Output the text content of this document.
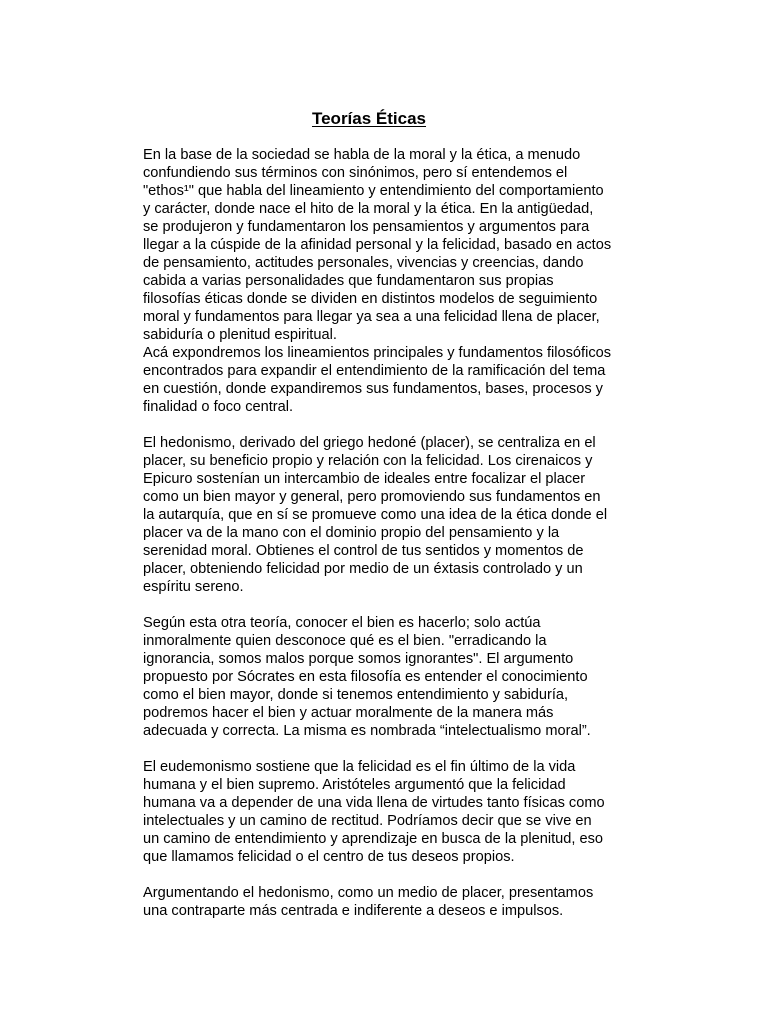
Teorías Éticas

En la base de la sociedad se habla de la moral y la ética, a menudo
confundiendo sus términos con sinónimos, pero sí entendemos el
"ethos¹" que habla del lineamiento y entendimiento del comportamiento
y carácter, donde nace el hito de la moral y la ética. En la antigüedad,
se produjeron y fundamentaron los pensamientos y argumentos para
llegar a la cúspide de la afinidad personal y la felicidad, basado en actos
de pensamiento, actitudes personales, vivencias y creencias, dando
cabida a varias personalidades que fundamentaron sus propias
filosofías éticas donde se dividen en distintos modelos de seguimiento
moral y fundamentos para llegar ya sea a una felicidad llena de placer,
sabiduría o plenitud espiritual.

Acá expondremos los lineamientos principales y fundamentos filosóficos
encontrados para expandir el entendimiento de la ramificación del tema
en cuestión, donde expandiremos sus fundamentos, bases, procesos y
finalidad o foco central.

El hedonismo, derivado del griego hedoné (placer), se centraliza en el
placer, su beneficio propio y relación con la felicidad. Los cirenaicos y
Epicuro sostenían un intercambio de ideales entre focalizar el placer
como un bien mayor y general, pero promoviendo sus fundamentos en
la autarquía, que en sí se promueve como una idea de la ética donde el
placer va de la mano con el dominio propio del pensamiento y la
serenidad moral. Obtienes el control de tus sentidos y momentos de
placer, obteniendo felicidad por medio de un éxtasis controlado y un
espíritu sereno.

Según esta otra teoría, conocer el bien es hacerlo; solo actúa
inmoralmente quien desconoce qué es el bien. "erradicando la
ignorancia, somos malos porque somos ignorantes". El argumento
propuesto por Sócrates en esta filosofía es entender el conocimiento
como el bien mayor, donde si tenemos entendimiento y sabiduría,
podremos hacer el bien y actuar moralmente de la manera más
adecuada y correcta. La misma es nombrada “intelectualismo moral”.

El eudemonismo sostiene que la felicidad es el fin último de la vida
humana y el bien supremo. Aristóteles argumentó que la felicidad
humana va a depender de una vida llena de virtudes tanto físicas como
intelectuales y un camino de rectitud. Podríamos decir que se vive en
un camino de entendimiento y aprendizaje en busca de la plenitud, eso
que llamamos felicidad o el centro de tus deseos propios.

Argumentando el hedonismo, como un medio de placer, presentamos
una contraparte más centrada e indiferente a deseos e impulsos.
